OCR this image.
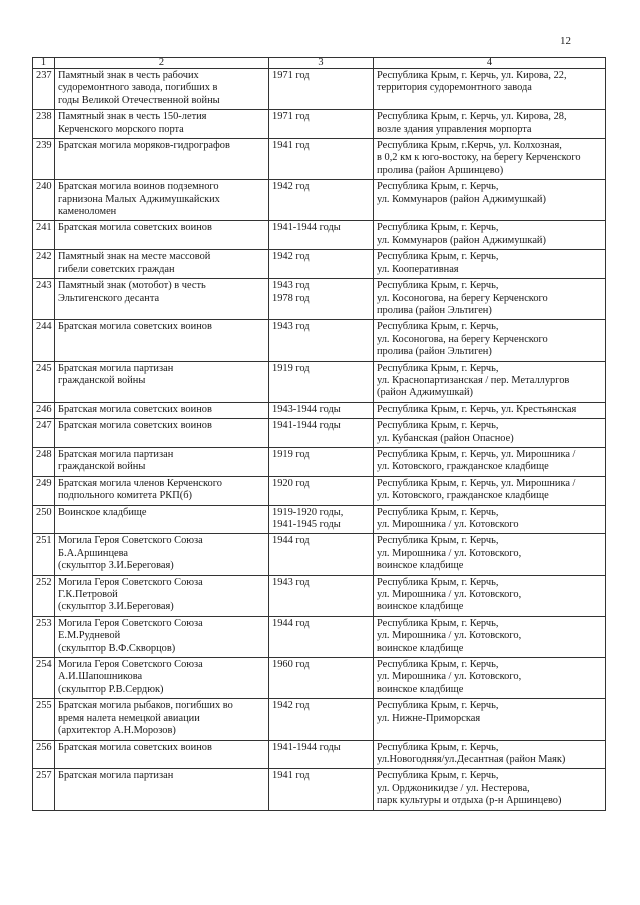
12
1	2	3	4
237	Памятный знак в честь рабочих
судоремонтного завода, погибших в
годы Великой Отечественной войны	1971 год	Республика Крым, г. Керчь, ул. Кирова, 22,
территория судоремонтного завода

238	Памятный знак в честь 150-летия
Керченского морского порта	1971 год	Республика Крым, г. Керчь, ул. Кирова, 28,
возле здания управления морпорта

239	Братская могила моряков-гидрографов	1941 год	Республика Крым, г.Керчь, ул. Колхозная,
в 0,2 км к юго-востоку, на берегу Керченского
пролива (район Аршинцево)

240	Братская могила воинов подземного
гарнизона Малых Аджимушкайских
каменоломен	1942 год	Республика Крым, г. Керчь,
ул. Коммунаров (район Аджимушкай)

241	Братская могила советских воинов	1941-1944 годы	Республика Крым, г. Керчь,
ул. Коммунаров (район Аджимушкай)

242	Памятный знак на месте массовой
гибели советских граждан	1942 год	Республика Крым, г. Керчь,
ул. Кооперативная

243	Памятный знак (мотобот) в честь
Эльтигенского десанта	1943 год
1978 год	Республика Крым, г. Керчь,
ул. Косоногова, на берегу Керченского
пролива (район Эльтиген)

244	Братская могила советских воинов	1943 год	Республика Крым, г. Керчь,
ул. Косоногова, на берегу Керченского
пролива (район Эльтиген)

245	Братская могила партизан
гражданской войны	1919 год	Республика Крым, г. Керчь,
ул. Краснопартизанская / пер. Металлургов
(район Аджимушкай)

246	Братская могила советских воинов	1943-1944 годы	Республика Крым, г. Керчь, ул. Крестьянская

247	Братская могила советских воинов	1941-1944 годы	Республика Крым, г. Керчь,
ул. Кубанская (район Опасное)

248	Братская могила партизан
гражданской войны	1919 год	Республика Крым, г. Керчь, ул. Мирошника /
ул. Котовского, гражданское кладбище

249	Братская могила членов Керченского
подпольного комитета РКП(б)	1920 год	Республика Крым, г. Керчь, ул. Мирошника /
ул. Котовского, гражданское кладбище

250	Воинское кладбище	1919-1920 годы,
1941-1945 годы	Республика Крым, г. Керчь,
ул. Мирошника / ул. Котовского

251	Могила Героя Советского Союза
Б.А.Аршинцева
(скульптор З.И.Береговая)	1944 год	Республика Крым, г. Керчь,
ул. Мирошника / ул. Котовского,
воинское кладбище

252	Могила Героя Советского Союза
Г.К.Петровой
(скульптор З.И.Береговая)	1943 год	Республика Крым, г. Керчь,
ул. Мирошника / ул. Котовского,
воинское кладбище

253	Могила Героя Советского Союза
Е.М.Рудневой
(скульптор В.Ф.Скворцов)	1944 год	Республика Крым, г. Керчь,
ул. Мирошника / ул. Котовского,
воинское кладбище

254	Могила Героя Советского Союза
А.И.Шапошникова
(скульптор Р.В.Сердюк)	1960 год	Республика Крым, г. Керчь,
ул. Мирошника / ул. Котовского,
воинское кладбище

255	Братская могила рыбаков, погибших во
время налета немецкой авиации
(архитектор А.Н.Морозов)	1942 год	Республика Крым, г. Керчь,
ул. Нижне-Приморская

256	Братская могила советских воинов	1941-1944 годы	Республика Крым, г. Керчь,
ул.Новогодняя/ул.Десантная (район Маяк)

257	Братская могила партизан	1941 год	Республика Крым, г. Керчь,
ул. Орджоникидзе / ул. Нестерова,
парк культуры и отдыха (р-н Аршинцево)
